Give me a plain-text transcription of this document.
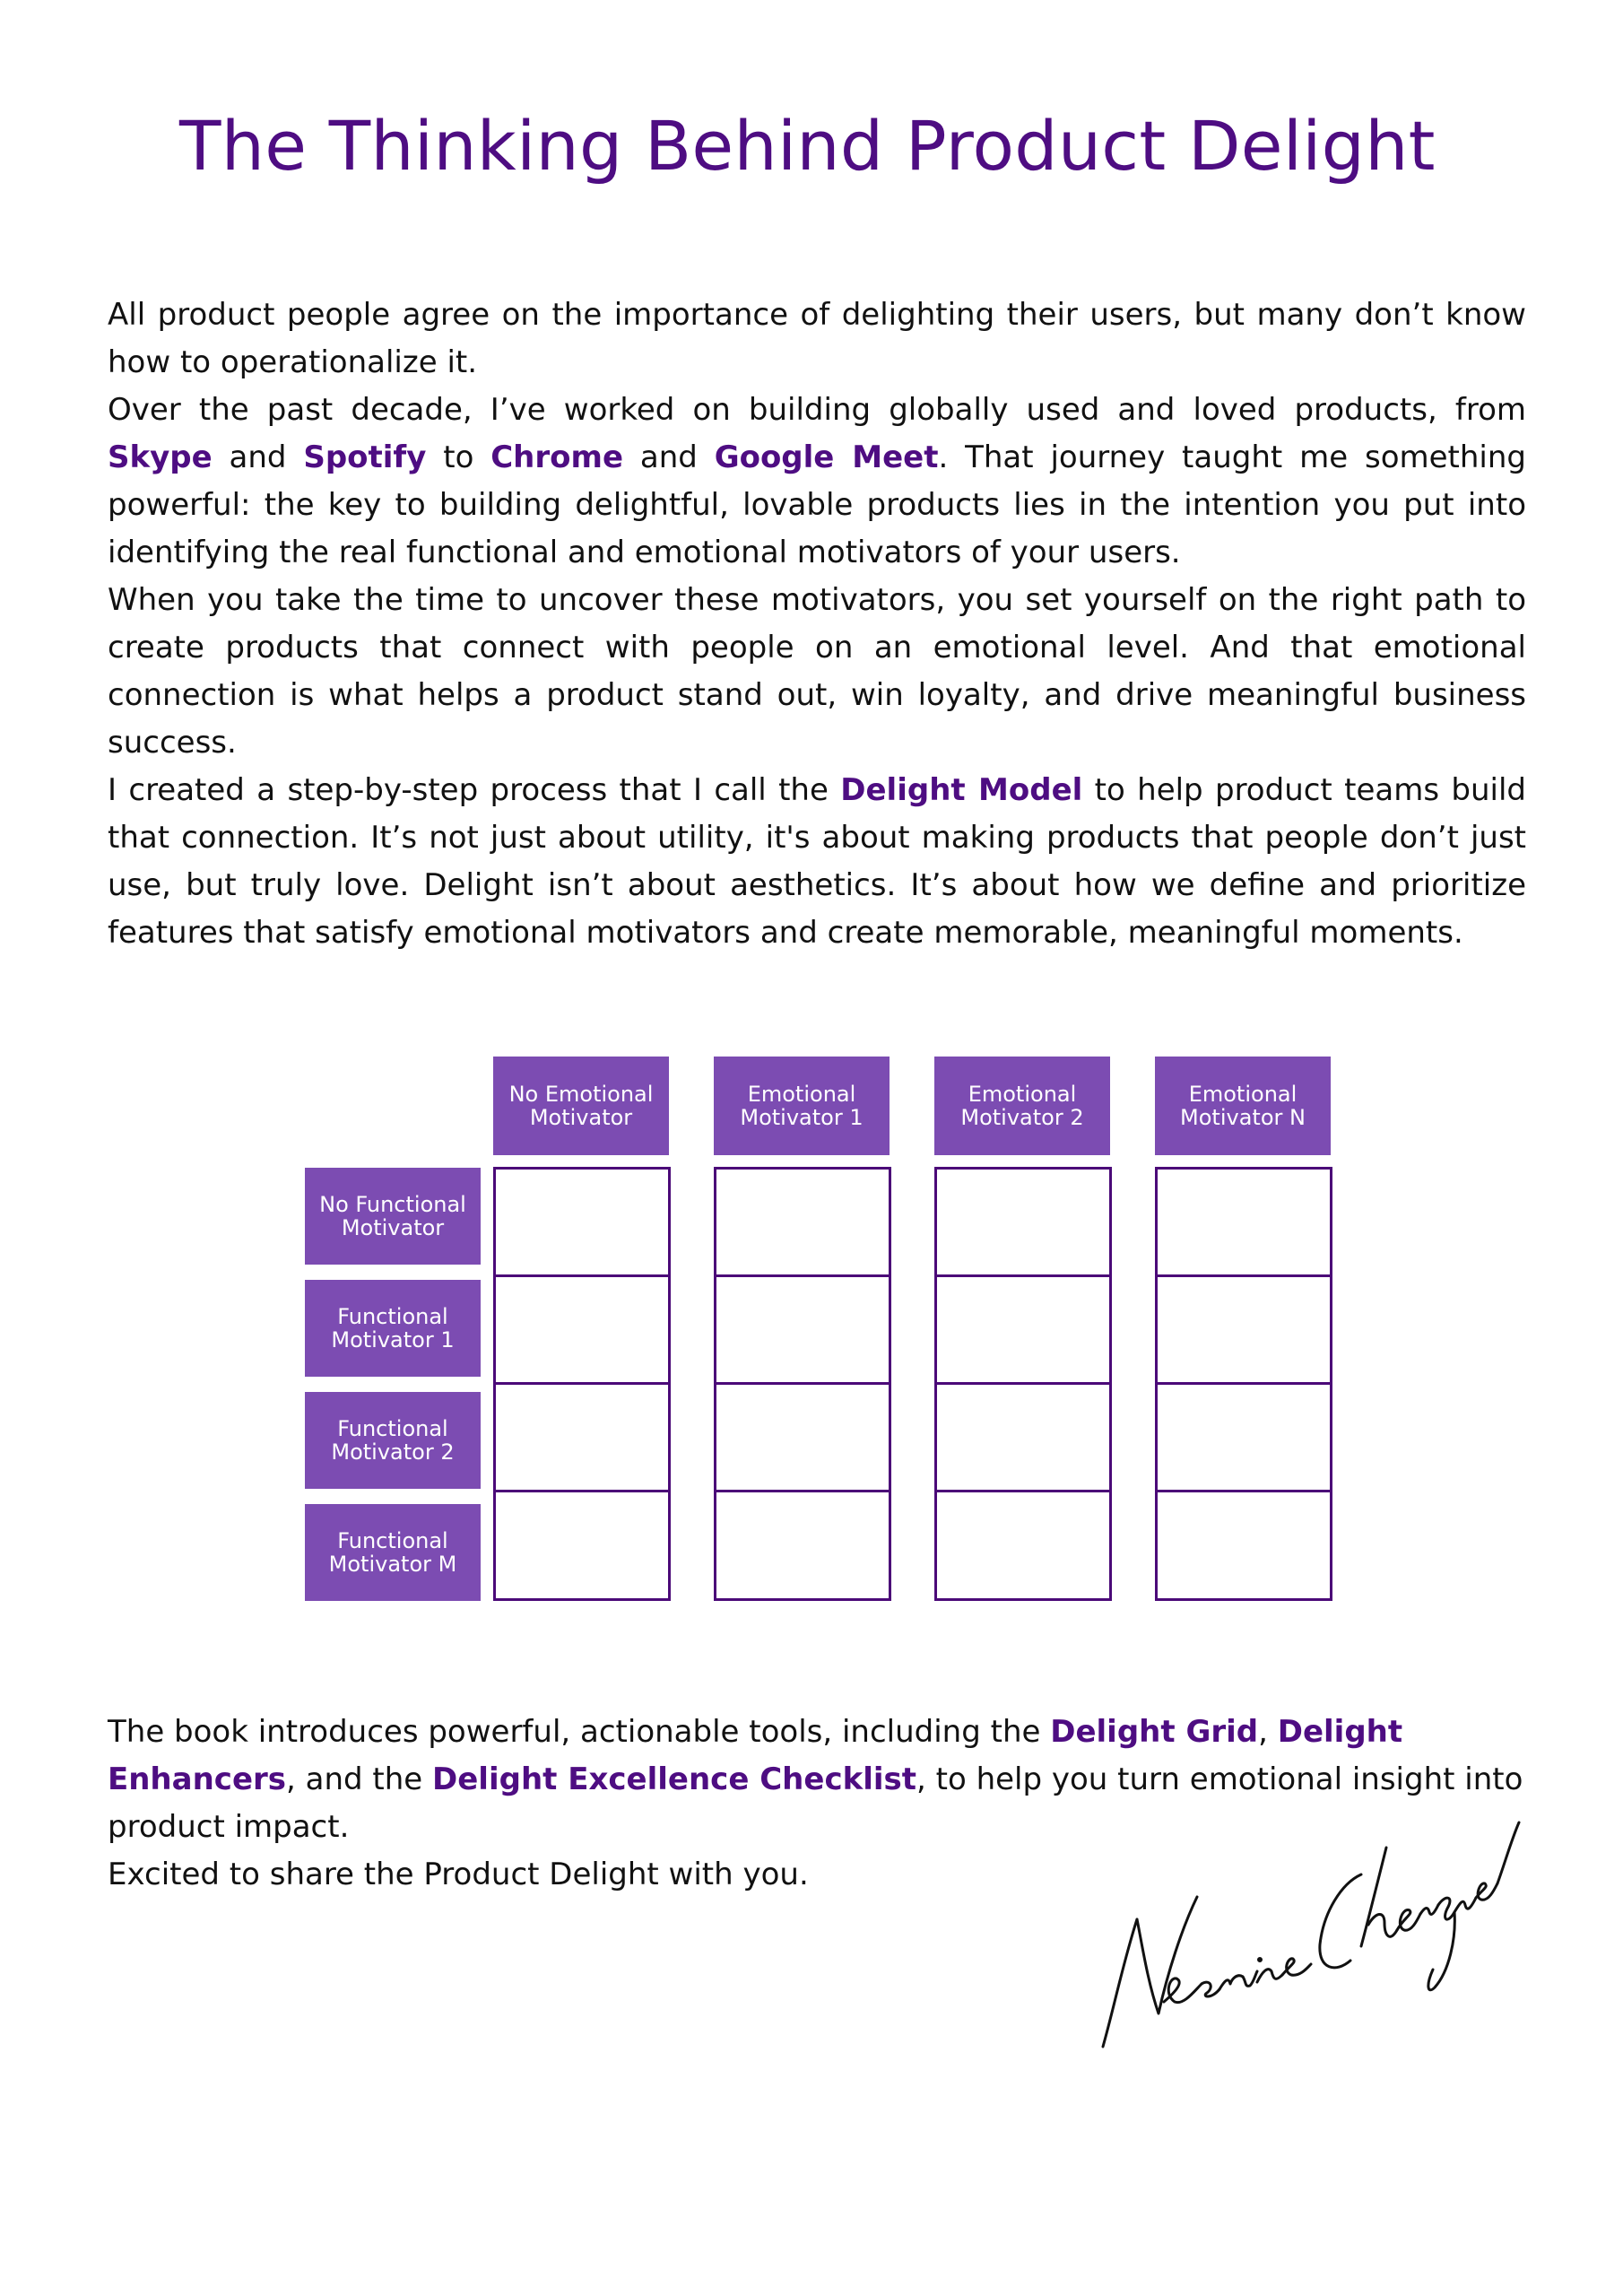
The Thinking Behind Product Delight

All product people agree on the importance of delighting their users, but many don’t know how to operationalize it.

Over the past decade, I’ve worked on building globally used and loved products, from Skype and Spotify to Chrome and Google Meet. That journey taught me something powerful: the key to building delightful, lovable products lies in the intention you put into identifying the real functional and emotional motivators of your users.

When you take the time to uncover these motivators, you set yourself on the right path to create products that connect with people on an emotional level. And that emotional connection is what helps a product stand out, win loyalty, and drive meaningful business success.

I created a step-by-step process that I call the Delight Model to help product teams build that connection. It’s not just about utility, it's about making products that people don’t just use, but truly love. Delight isn’t about aesthetics. It’s about how we define and prioritize features that satisfy emotional motivators and create memorable, meaningful moments.

No Emotional
Motivator
Emotional
Motivator 1
Emotional
Motivator 2
Emotional
Motivator N
No Functional
Motivator
Functional
Motivator 1
Functional
Motivator 2
Functional
Motivator M

The book introduces powerful, actionable tools, including the Delight Grid, Delight Enhancers, and the Delight Excellence Checklist, to help you turn emotional insight into product impact.

Excited to share the Product Delight with you.
